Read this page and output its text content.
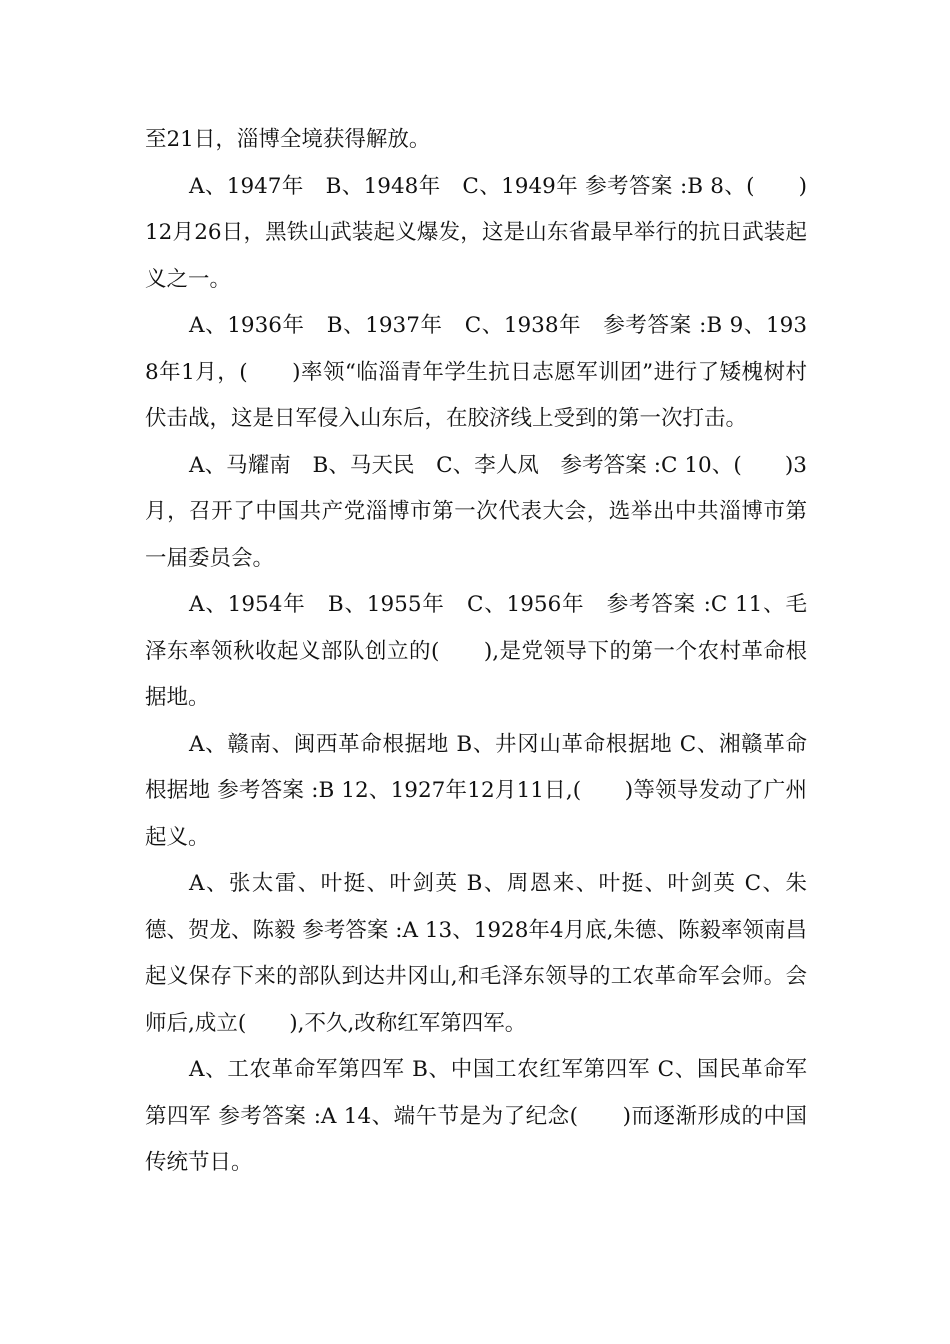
至21日，淄博全境获得解放。

A、1947年　B、1948年　C、1949年 参考答案 :B 8、(　　)12月26日，黑铁山武装起义爆发，这是山东省最早举行的抗日武装起义之一。

A、1936年　B、1937年　C、1938年　参考答案 :B 9、1938年1月，(　　)率领“临淄青年学生抗日志愿军训团”进行了矮槐树村伏击战，这是日军侵入山东后，在胶济线上受到的第一次打击。

A、马耀南　B、马天民　C、李人凤　参考答案 :C 10、(　　)3月，召开了中国共产党淄博市第一次代表大会，选举出中共淄博市第一届委员会。

A、1954年　B、1955年　C、1956年　参考答案 :C 11、毛泽东率领秋收起义部队创立的(　　),是党领导下的第一个农村革命根据地。

A、赣南、闽西革命根据地 B、井冈山革命根据地 C、湘赣革命根据地 参考答案 :B 12、1927年12月11日,(　　)等领导发动了广州起义。

A、张太雷、叶挺、叶剑英 B、周恩来、叶挺、叶剑英 C、朱德、贺龙、陈毅 参考答案 :A 13、1928年4月底,朱德、陈毅率领南昌起义保存下来的部队到达井冈山,和毛泽东领导的工农革命军会师。会师后,成立(　　),不久,改称红军第四军。

A、工农革命军第四军 B、中国工农红军第四军 C、国民革命军第四军 参考答案 :A 14、端午节是为了纪念(　　)而逐渐形成的中国传统节日。
